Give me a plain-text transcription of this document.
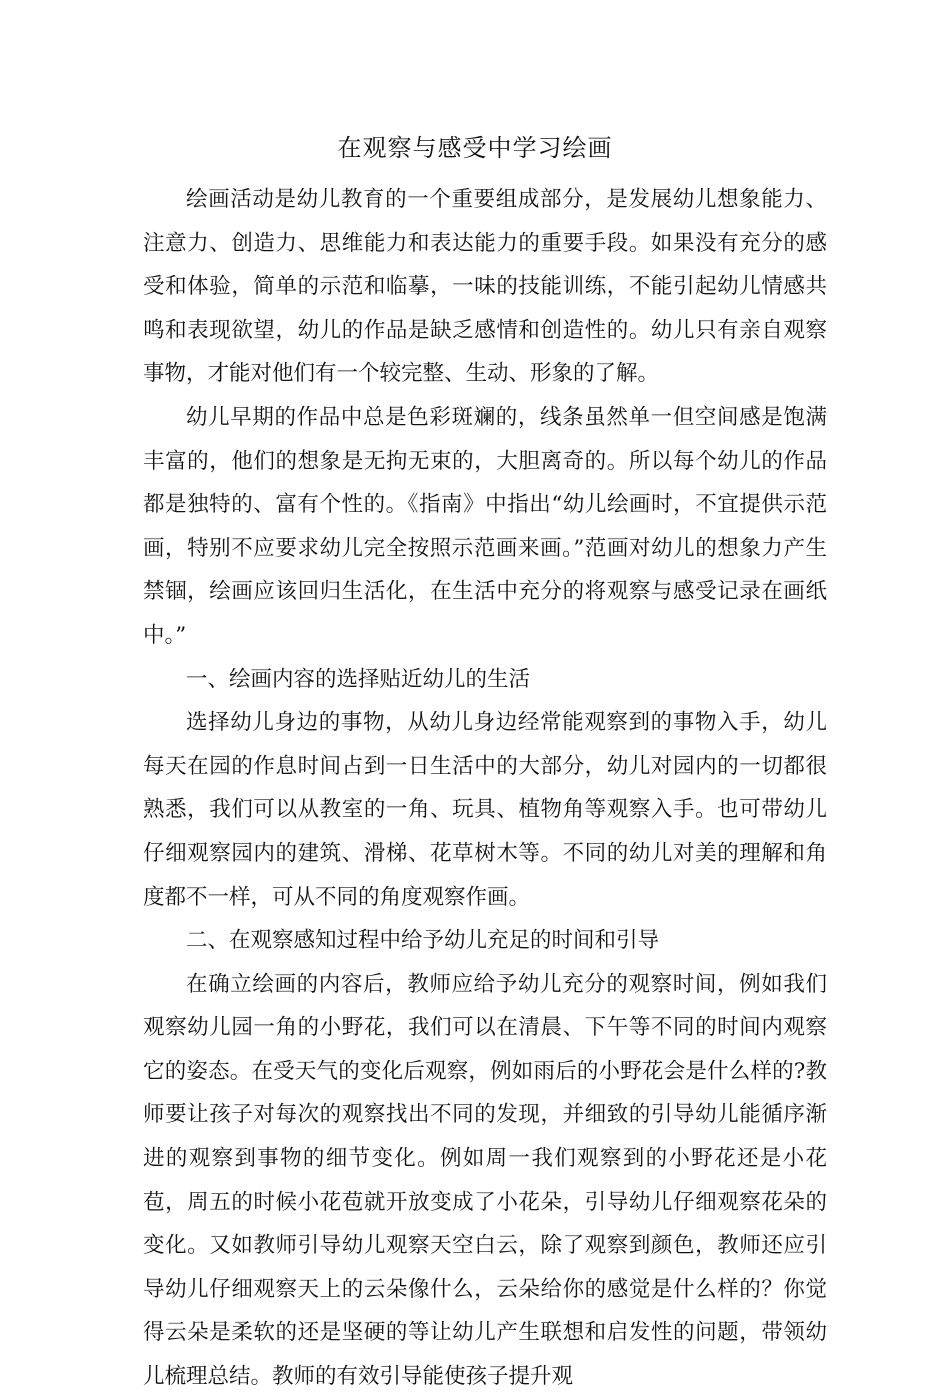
在观察与感受中学习绘画

绘画活动是幼儿教育的一个重要组成部分，是发展幼儿想象能力、注意力、创造力、思维能力和表达能力的重要手段。如果没有充分的感受和体验，简单的示范和临摹，一味的技能训练，不能引起幼儿情感共鸣和表现欲望，幼儿的作品是缺乏感情和创造性的。幼儿只有亲自观察事物，才能对他们有一个较完整、生动、形象的了解。

幼儿早期的作品中总是色彩斑斓的，线条虽然单一但空间感是饱满丰富的，他们的想象是无拘无束的，大胆离奇的。所以每个幼儿的作品都是独特的、富有个性的。《指南》中指出“幼儿绘画时，不宜提供示范画，特别不应要求幼儿完全按照示范画来画。”范画对幼儿的想象力产生禁锢，绘画应该回归生活化，在生活中充分的将观察与感受记录在画纸中。”

一、绘画内容的选择贴近幼儿的生活

选择幼儿身边的事物，从幼儿身边经常能观察到的事物入手，幼儿每天在园的作息时间占到一日生活中的大部分，幼儿对园内的一切都很熟悉，我们可以从教室的一角、玩具、植物角等观察入手。也可带幼儿仔细观察园内的建筑、滑梯、花草树木等。不同的幼儿对美的理解和角度都不一样，可从不同的角度观察作画。

二、在观察感知过程中给予幼儿充足的时间和引导

在确立绘画的内容后，教师应给予幼儿充分的观察时间，例如我们观察幼儿园一角的小野花，我们可以在清晨、下午等不同的时间内观察它的姿态。在受天气的变化后观察，例如雨后的小野花会是什么样的?教师要让孩子对每次的观察找出不同的发现，并细致的引导幼儿能循序渐进的观察到事物的细节变化。例如周一我们观察到的小野花还是小花苞，周五的时候小花苞就开放变成了小花朵，引导幼儿仔细观察花朵的变化。又如教师引导幼儿观察天空白云，除了观察到颜色，教师还应引导幼儿仔细观察天上的云朵像什么，云朵给你的感觉是什么样的？你觉得云朵是柔软的还是坚硬的等让幼儿产生联想和启发性的问题，带领幼儿梳理总结。教师的有效引导能使孩子提升观
